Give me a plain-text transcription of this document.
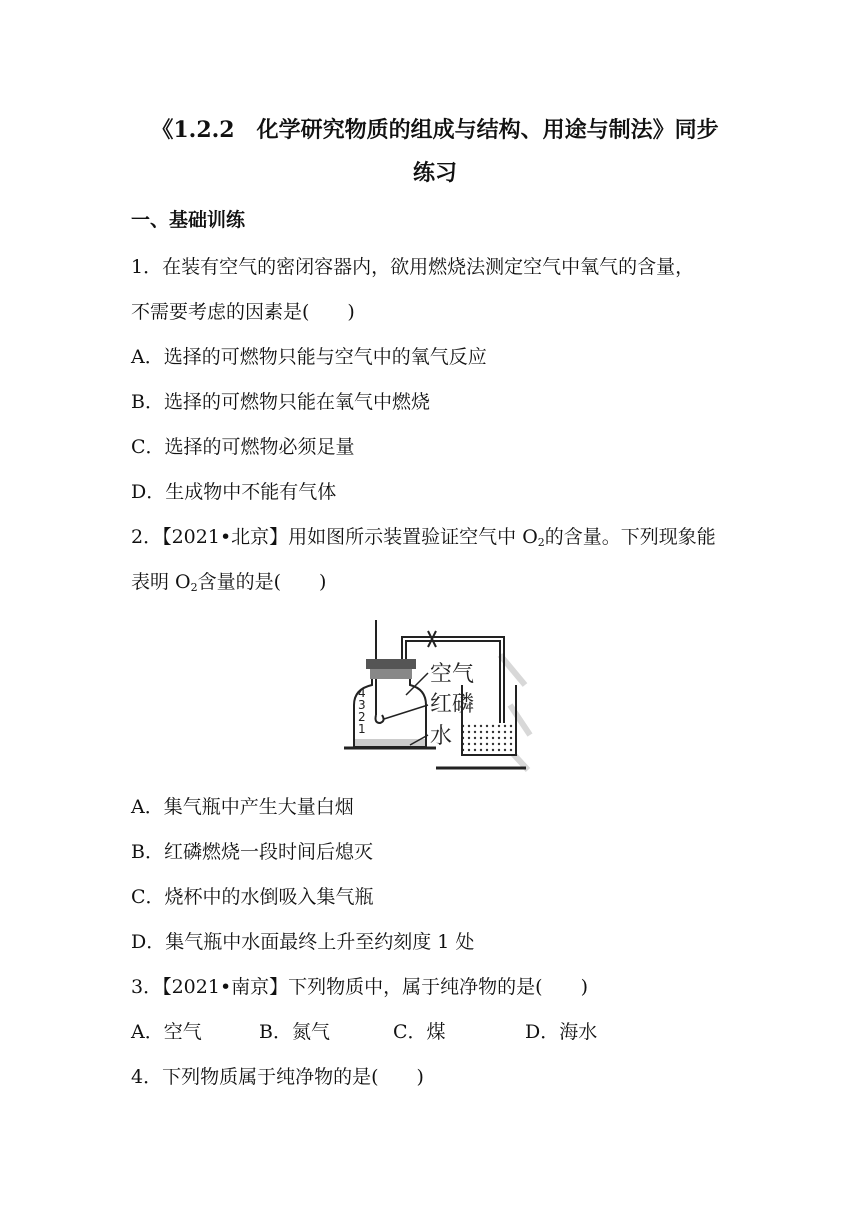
《1.2.2　化学研究物质的组成与结构、用途与制法》同步
练习
一、基础训练
1．在装有空气的密闭容器内，欲用燃烧法测定空气中氧气的含量，
不需要考虑的因素是(　　)
A．选择的可燃物只能与空气中的氧气反应
B．选择的可燃物只能在氧气中燃烧
C．选择的可燃物必须足量
D．生成物中不能有气体
2．【2021•北京】用如图所示装置验证空气中 $O_2$的含量。下列现象能
表明 $O_2$含量的是(　　)
4
3
2
1
空气
红磷
水
A．集气瓶中产生大量白烟
B．红磷燃烧一段时间后熄灭
C．烧杯中的水倒吸入集气瓶
D．集气瓶中水面最终上升至约刻度 1 处
3．【2021•南京】下列物质中，属于纯净物的是(　　)
A．空气	B．氮气	C．煤	D．海水
4．下列物质属于纯净物的是(　　)
